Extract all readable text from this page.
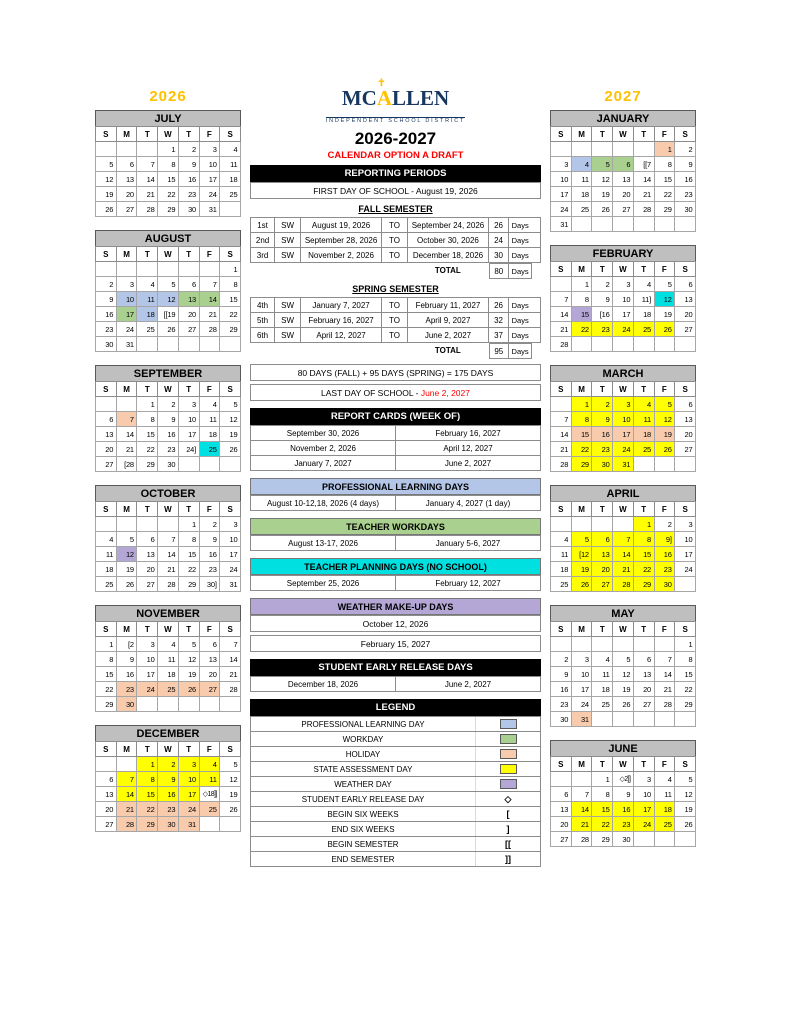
2026
JULY
S	M	T	W	T	F	S
			1	2	3	4
5	6	7	8	9	10	11
12	13	14	15	16	17	18
19	20	21	22	23	24	25
26	27	28	29	30	31	
AUGUST
S	M	T	W	T	F	S
						1
2	3	4	5	6	7	8
9	10	11	12	13	14	15
16	17	18	[[19	20	21	22
23	24	25	26	27	28	29
30	31					
SEPTEMBER
S	M	T	W	T	F	S
		1	2	3	4	5
6	7	8	9	10	11	12
13	14	15	16	17	18	19
20	21	22	23	24]	25	26
27	[28	29	30			
OCTOBER
S	M	T	W	T	F	S
				1	2	3
4	5	6	7	8	9	10
11	12	13	14	15	16	17
18	19	20	21	22	23	24
25	26	27	28	29	30]	31
NOVEMBER
S	M	T	W	T	F	S
1	[2	3	4	5	6	7
8	9	10	11	12	13	14
15	16	17	18	19	20	21
22	23	24	25	26	27	28
29	30					
DECEMBER
S	M	T	W	T	F	S
		1	2	3	4	5
6	7	8	9	10	11	12
13	14	15	16	17	◇18]]	19
20	21	22	23	24	25	26
27	28	29	30	31		
✝
MCALLEN
INDEPENDENT SCHOOL DISTRICT
2026-2027
CALENDAR OPTION A DRAFT
REPORTING PERIODS
FIRST DAY OF SCHOOL - August 19, 2026
FALL SEMESTER
1st	SW	August 19, 2026	TO	September 24, 2026	26	Days
2nd	SW	September 28, 2026	TO	October 30, 2026	24	Days
3rd	SW	November 2, 2026	TO	December 18, 2026	30	Days
TOTAL	80	Days
SPRING SEMESTER
4th	SW	January 7, 2027	TO	February 11, 2027	26	Days
5th	SW	February 16, 2027	TO	April 9, 2027	32	Days
6th	SW	April 12, 2027	TO	June 2, 2027	37	Days
TOTAL	95	Days
80 DAYS (FALL) + 95 DAYS (SPRING) = 175 DAYS
LAST DAY OF SCHOOL - June 2, 2027
REPORT CARDS (WEEK OF)
September 30, 2026	February 16, 2027
November 2, 2026	April 12, 2027
January 7, 2027	June 2, 2027
PROFESSIONAL LEARNING DAYS
August 10-12,18, 2026 (4 days)	January 4, 2027 (1 day)
TEACHER WORKDAYS
August 13-17, 2026	January 5-6, 2027
TEACHER PLANNING DAYS (NO SCHOOL)
September 25, 2026	February 12, 2027
WEATHER MAKE-UP DAYS
October 12, 2026
February 15, 2027
STUDENT EARLY RELEASE DAYS
December 18, 2026	June 2, 2027
LEGEND
PROFESSIONAL LEARNING DAY
WORKDAY
HOLIDAY
STATE ASSESSMENT DAY
WEATHER DAY
STUDENT EARLY RELEASE DAY	◇
BEGIN SIX WEEKS	[
END SIX WEEKS	]
BEGIN SEMESTER	[[
END SEMESTER	]]
2027
JANUARY
S	M	T	W	T	F	S
					1	2
3	4	5	6	[[7	8	9
10	11	12	13	14	15	16
17	18	19	20	21	22	23
24	25	26	27	28	29	30
31						
FEBRUARY
S	M	T	W	T	F	S
	1	2	3	4	5	6
7	8	9	10	11]	12	13
14	15	[16	17	18	19	20
21	22	23	24	25	26	27
28						
MARCH
S	M	T	W	T	F	S
	1	2	3	4	5	6
7	8	9	10	11	12	13
14	15	16	17	18	19	20
21	22	23	24	25	26	27
28	29	30	31			
APRIL
S	M	T	W	T	F	S
				1	2	3
4	5	6	7	8	9]	10
11	[12	13	14	15	16	17
18	19	20	21	22	23	24
25	26	27	28	29	30	
MAY
S	M	T	W	T	F	S
						1
2	3	4	5	6	7	8
9	10	11	12	13	14	15
16	17	18	19	20	21	22
23	24	25	26	27	28	29
30	31					
JUNE
S	M	T	W	T	F	S
		1	◇2]]	3	4	5
6	7	8	9	10	11	12
13	14	15	16	17	18	19
20	21	22	23	24	25	26
27	28	29	30			
